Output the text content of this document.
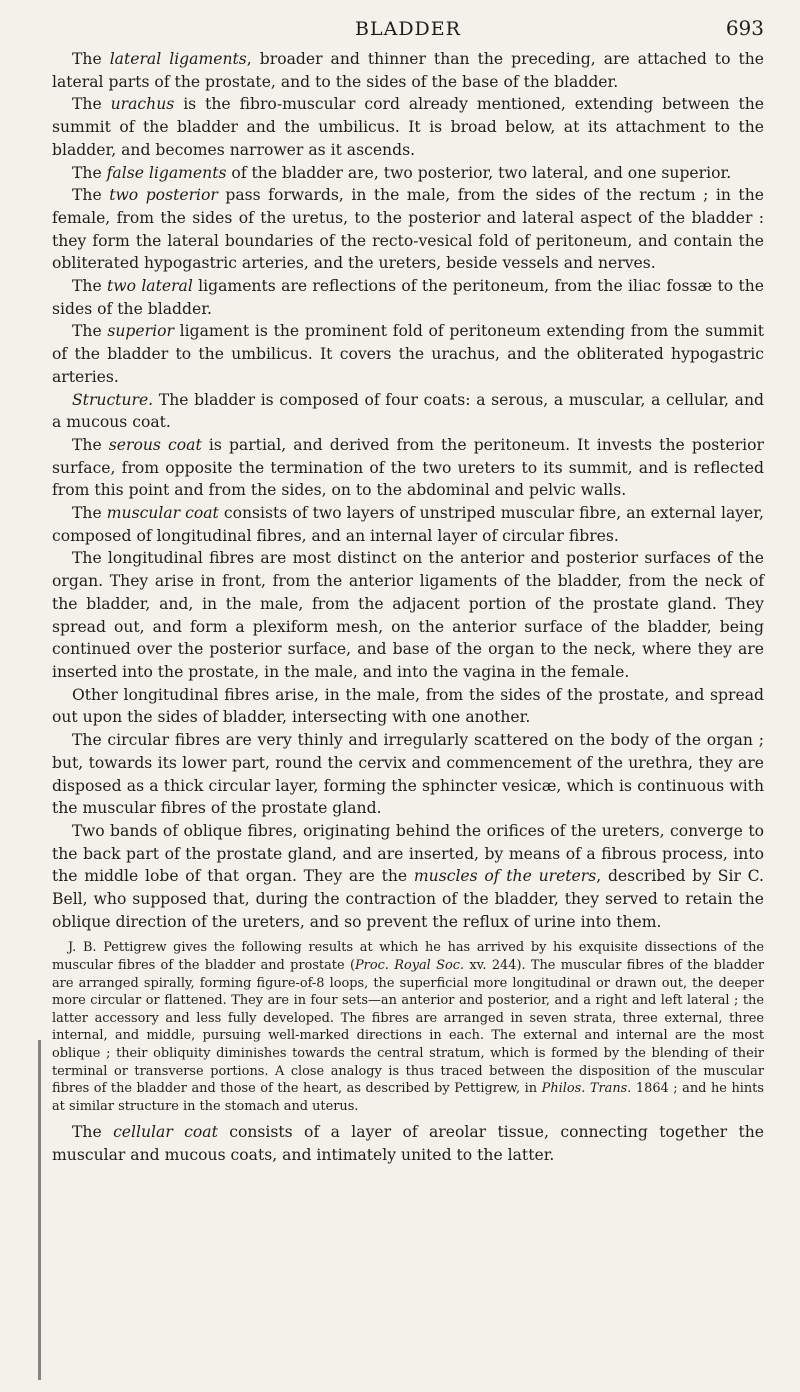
BLADDER	693

The lateral ligaments, broader and thinner than the preceding, are attached to the lateral parts of the prostate, and to the sides of the base of the bladder.

The urachus is the fibro-muscular cord already mentioned, extending between the summit of the bladder and the umbilicus. It is broad below, at its attachment to the bladder, and becomes narrower as it ascends.

The false ligaments of the bladder are, two posterior, two lateral, and one superior.

The two posterior pass forwards, in the male, from the sides of the rectum ; in the female, from the sides of the uretus, to the posterior and lateral aspect of the bladder : they form the lateral boundaries of the recto-vesical fold of peritoneum, and contain the obliterated hypogastric arteries, and the ureters, beside vessels and nerves.

The two lateral ligaments are reflections of the peritoneum, from the iliac fossæ to the sides of the bladder.

The superior ligament is the prominent fold of peritoneum extending from the summit of the bladder to the umbilicus. It covers the urachus, and the obliterated hypogastric arteries.

Structure. The bladder is composed of four coats: a serous, a muscular, a cellular, and a mucous coat.

The serous coat is partial, and derived from the peritoneum. It invests the posterior surface, from opposite the termination of the two ureters to its summit, and is reflected from this point and from the sides, on to the abdominal and pelvic walls.

The muscular coat consists of two layers of unstriped muscular fibre, an external layer, composed of longitudinal fibres, and an internal layer of circular fibres.

The longitudinal fibres are most distinct on the anterior and posterior surfaces of the organ. They arise in front, from the anterior ligaments of the bladder, from the neck of the bladder, and, in the male, from the adjacent portion of the prostate gland. They spread out, and form a plexiform mesh, on the anterior surface of the bladder, being continued over the posterior surface, and base of the organ to the neck, where they are inserted into the prostate, in the male, and into the vagina in the female.

Other longitudinal fibres arise, in the male, from the sides of the prostate, and spread out upon the sides of bladder, intersecting with one another.

The circular fibres are very thinly and irregularly scattered on the body of the organ ; but, towards its lower part, round the cervix and commencement of the urethra, they are disposed as a thick circular layer, forming the sphincter vesicæ, which is continuous with the muscular fibres of the prostate gland.

Two bands of oblique fibres, originating behind the orifices of the ureters, converge to the back part of the prostate gland, and are inserted, by means of a fibrous process, into the middle lobe of that organ. They are the muscles of the ureters, described by Sir C. Bell, who supposed that, during the contraction of the bladder, they served to retain the oblique direction of the ureters, and so prevent the reflux of urine into them.

J. B. Pettigrew gives the following results at which he has arrived by his exquisite dissections of the muscular fibres of the bladder and prostate (Proc. Royal Soc. xv. 244). The muscular fibres of the bladder are arranged spirally, forming figure-of-8 loops, the superficial more longitudinal or drawn out, the deeper more circular or flattened. They are in four sets—an anterior and posterior, and a right and left lateral ; the latter accessory and less fully developed. The fibres are arranged in seven strata, three external, three internal, and middle, pursuing well-marked directions in each. The external and internal are the most oblique ; their obliquity diminishes towards the central stratum, which is formed by the blending of their terminal or transverse portions. A close analogy is thus traced between the disposition of the muscular fibres of the bladder and those of the heart, as described by Pettigrew, in Philos. Trans. 1864 ; and he hints at similar structure in the stomach and uterus.

The cellular coat consists of a layer of areolar tissue, connecting together the muscular and mucous coats, and intimately united to the latter.
